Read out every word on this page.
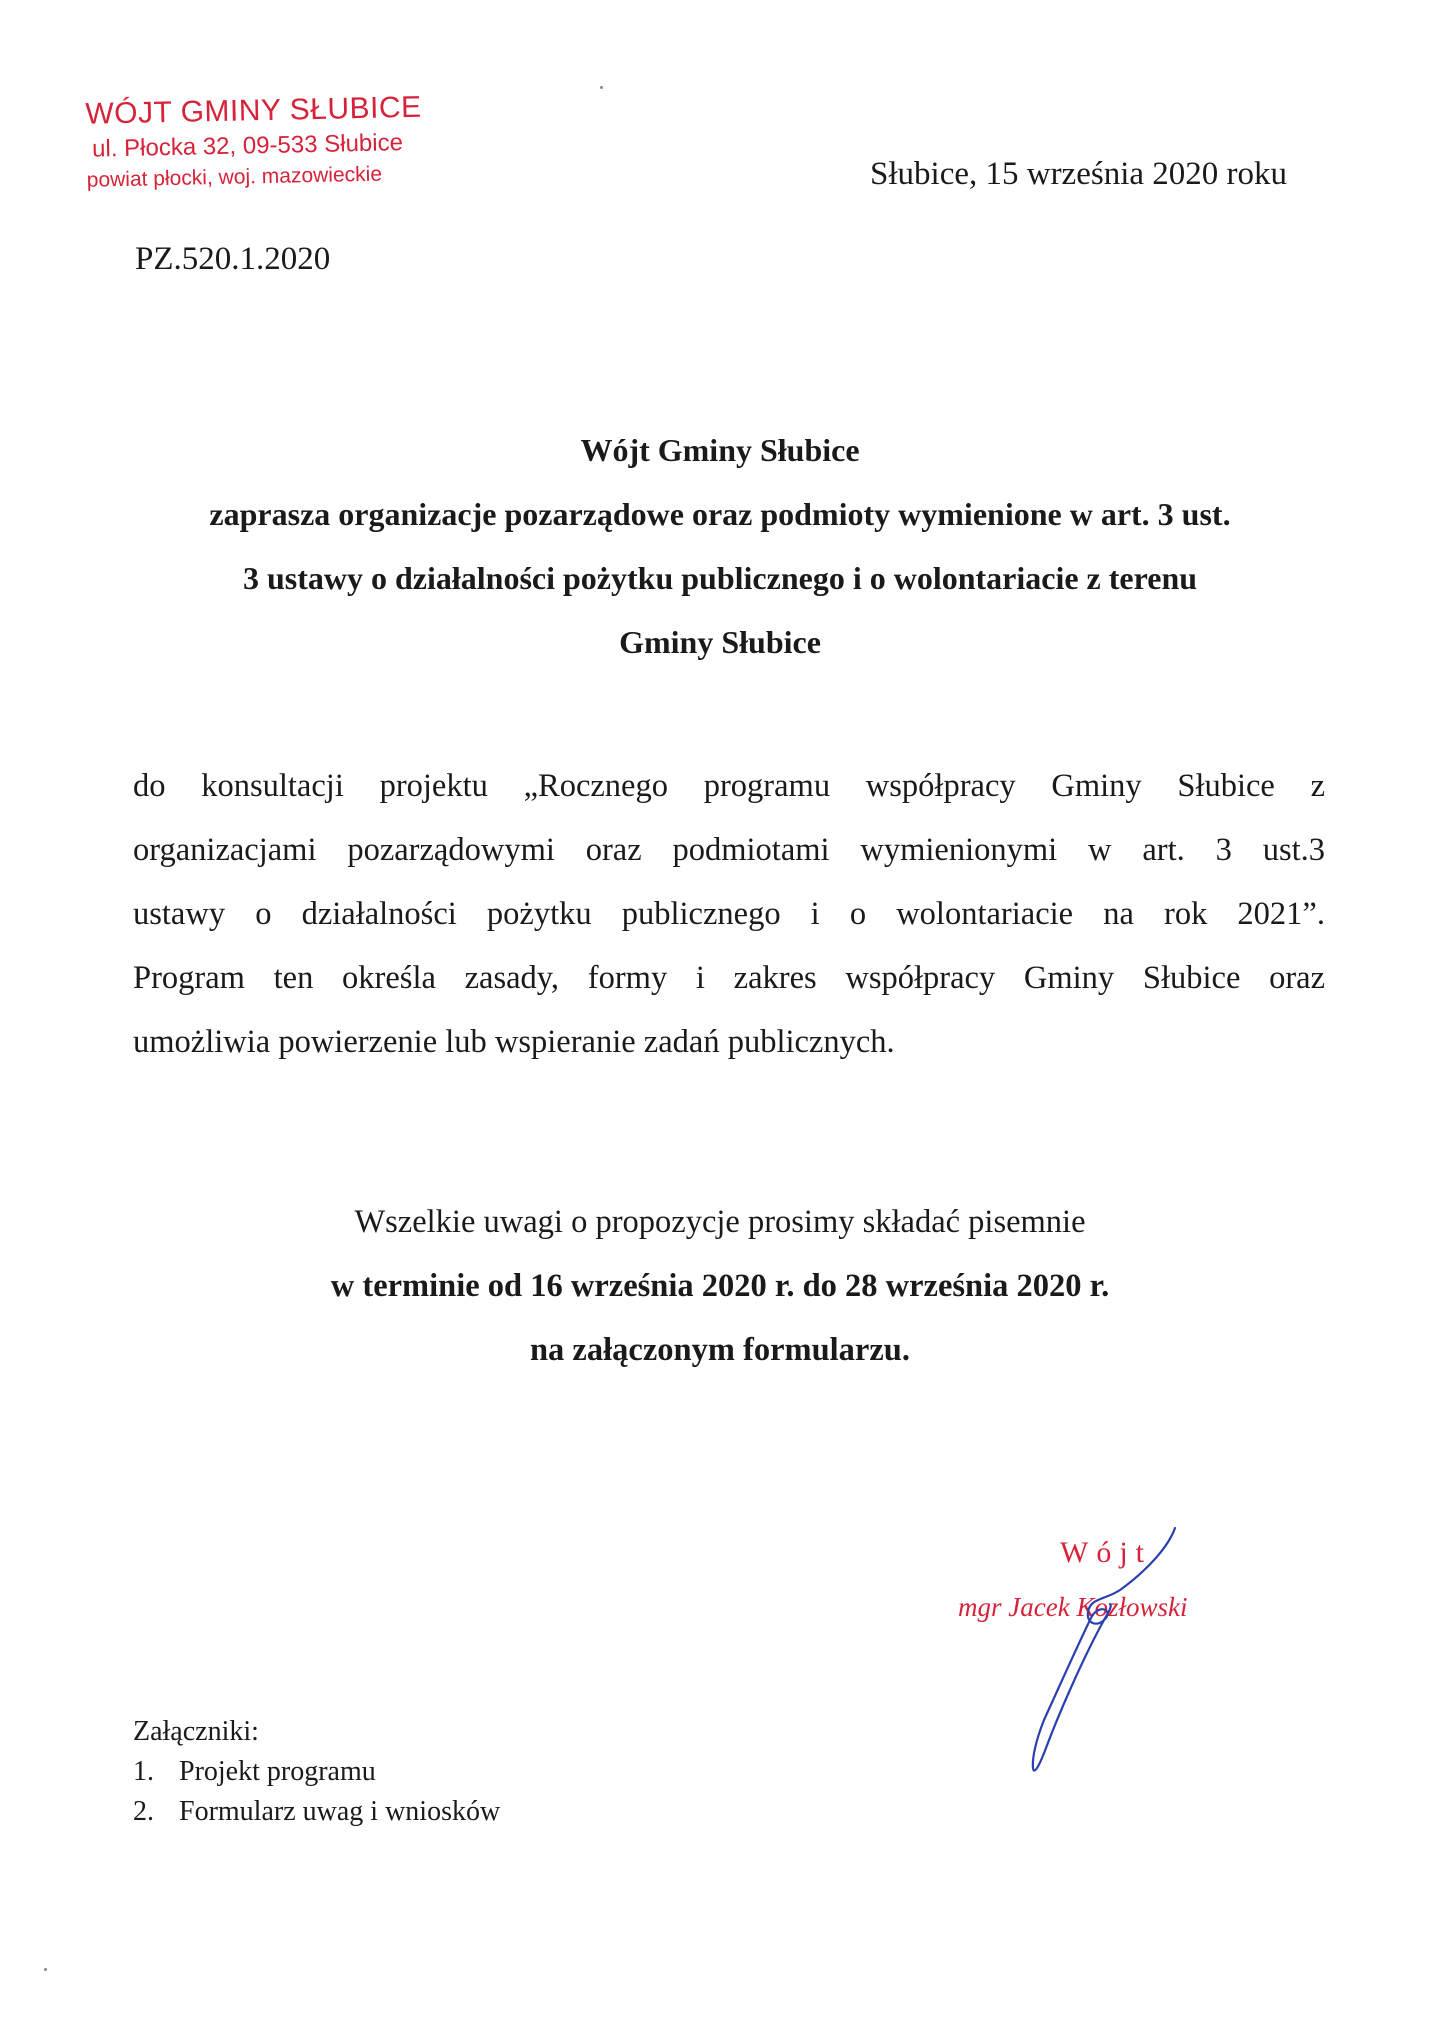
WÓJT GMINY SŁUBICE
ul. Płocka 32, 09-533 Słubice
powiat płocki, woj. mazowieckie	Słubice, 15 września 2020 roku
PZ.520.1.2020
Wójt Gminy Słubice
zaprasza organizacje pozarządowe oraz podmioty wymienione w art. 3 ust.
3 ustawy o działalności pożytku publicznego i o wolontariacie z terenu
Gminy Słubice
do konsultacji projektu „Rocznego programu współpracy Gminy Słubice z
organizacjami pozarządowymi oraz podmiotami wymienionymi w art. 3 ust.3
ustawy o działalności pożytku publicznego i o wolontariacie na rok 2021”.
Program ten określa zasady, formy i zakres współpracy Gminy Słubice oraz
umożliwia powierzenie lub wspieranie zadań publicznych.
Wszelkie uwagi o propozycje prosimy składać pisemnie
w terminie od 16 września 2020 r. do 28 września 2020 r.
na załączonym formularzu.
Wójt
mgr Jacek Kozłowski
Załączniki:
1. Projekt programu
2. Formularz uwag i wniosków
